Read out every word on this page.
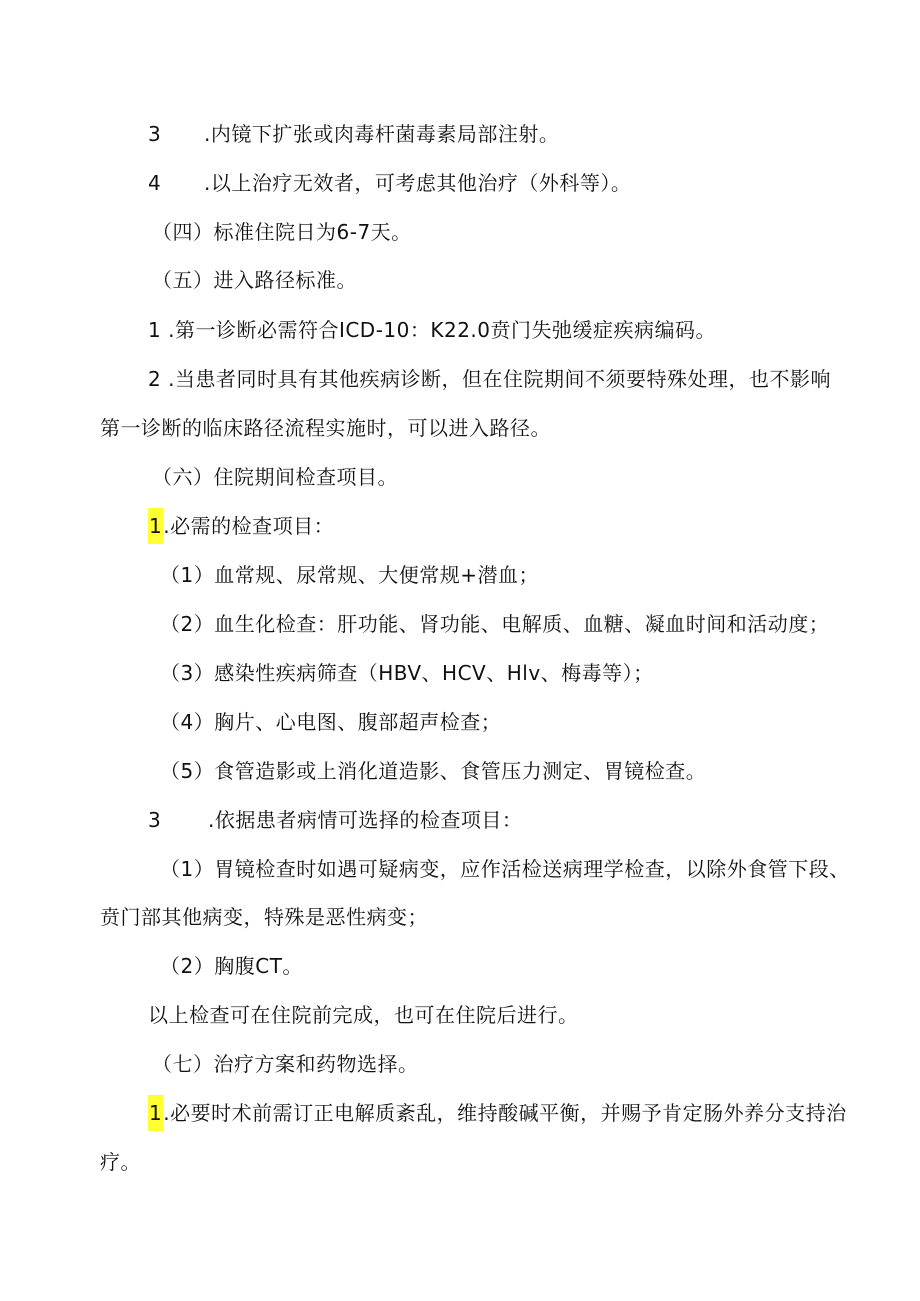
3 .内镜下扩张或肉毒杆菌毒素局部注射。
4 .以上治疗无效者，可考虑其他治疗（外科等）。
（四）标准住院日为6-7天。
（五）进入路径标准。
1 .第一诊断必需符合ICD-10：K22.0贲门失弛缓症疾病编码。
2 .当患者同时具有其他疾病诊断，但在住院期间不须要特殊处理，也不影响
第一诊断的临床路径流程实施时，可以进入路径。
（六）住院期间检查项目。
1.必需的检查项目：
（1）血常规、尿常规、大便常规+潜血；
（2）血生化检查：肝功能、肾功能、电解质、血糖、凝血时间和活动度；
（3）感染性疾病筛查（HBV、HCV、Hlv、梅毒等）；
（4）胸片、心电图、腹部超声检查；
（5）食管造影或上消化道造影、食管压力测定、胃镜检查。
3 .依据患者病情可选择的检查项目：
（1）胃镜检查时如遇可疑病变，应作活检送病理学检查，以除外食管下段、
贲门部其他病变，特殊是恶性病变；
（2）胸腹CT。
以上检查可在住院前完成，也可在住院后进行。
（七）治疗方案和药物选择。
1.必要时术前需订正电解质紊乱，维持酸碱平衡，并赐予肯定肠外养分支持治
疗。
